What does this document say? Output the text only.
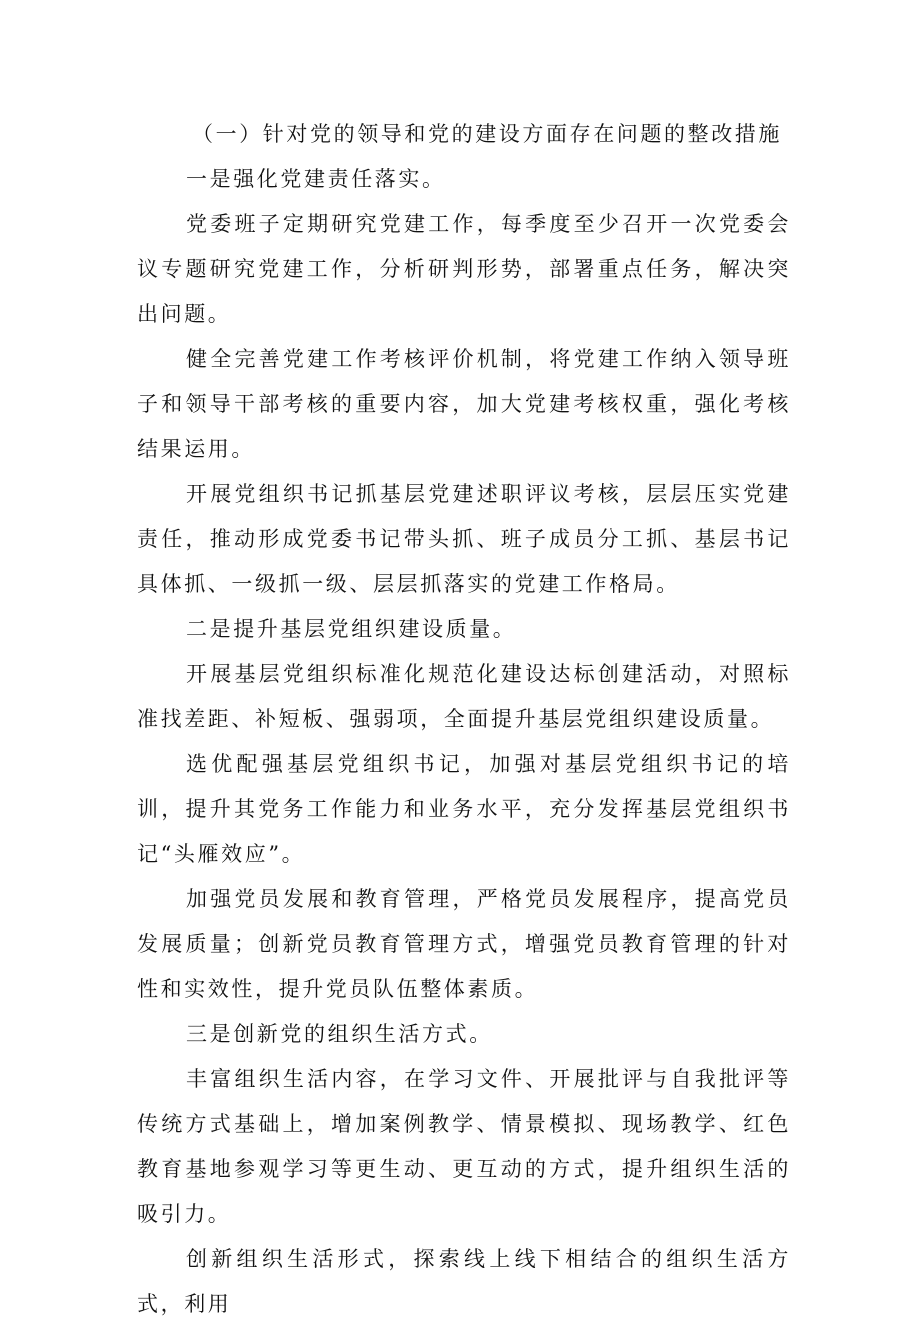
（一）针对党的领导和党的建设方面存在问题的整改措施

一是强化党建责任落实。

党委班子定期研究党建工作，每季度至少召开一次党委会议专题研究党建工作，分析研判形势，部署重点任务，解决突出问题。

健全完善党建工作考核评价机制，将党建工作纳入领导班子和领导干部考核的重要内容，加大党建考核权重，强化考核结果运用。

开展党组织书记抓基层党建述职评议考核，层层压实党建责任，推动形成党委书记带头抓、班子成员分工抓、基层书记具体抓、一级抓一级、层层抓落实的党建工作格局。

二是提升基层党组织建设质量。

开展基层党组织标准化规范化建设达标创建活动，对照标准找差距、补短板、强弱项，全面提升基层党组织建设质量。

选优配强基层党组织书记，加强对基层党组织书记的培训，提升其党务工作能力和业务水平，充分发挥基层党组织书记“头雁效应”。

加强党员发展和教育管理，严格党员发展程序，提高党员发展质量；创新党员教育管理方式，增强党员教育管理的针对性和实效性，提升党员队伍整体素质。

三是创新党的组织生活方式。

丰富组织生活内容，在学习文件、开展批评与自我批评等传统方式基础上，增加案例教学、情景模拟、现场教学、红色教育基地参观学习等更生动、更互动的方式，提升组织生活的吸引力。

创新组织生活形式，探索线上线下相结合的组织生活方式，利用
